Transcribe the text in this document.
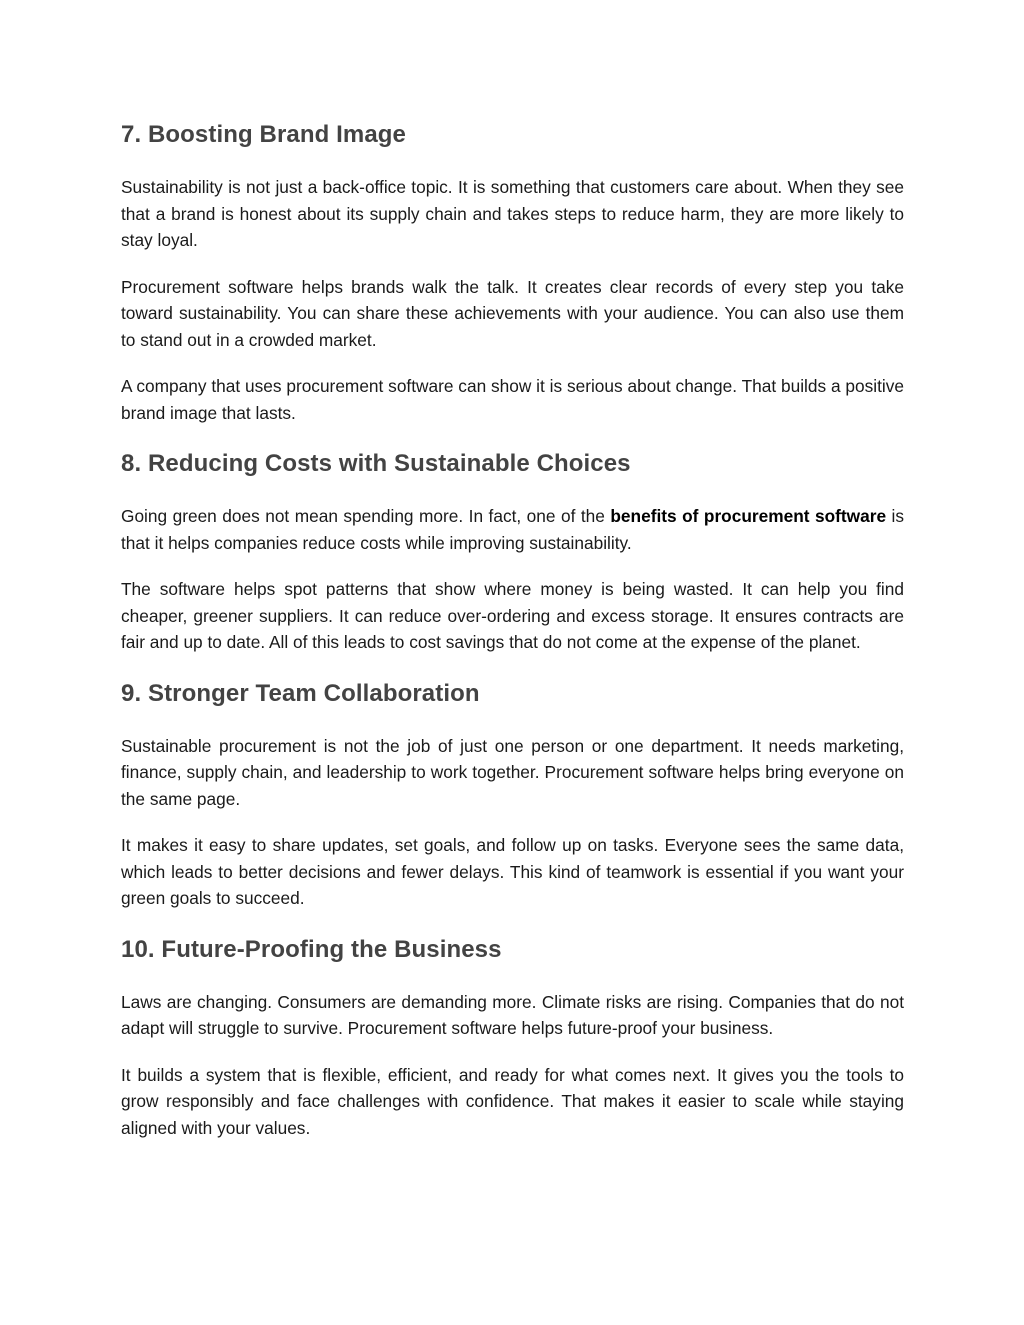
7. Boosting Brand Image

Sustainability is not just a back-office topic. It is something that customers care about. When they see that a brand is honest about its supply chain and takes steps to reduce harm, they are more likely to stay loyal.

Procurement software helps brands walk the talk. It creates clear records of every step you take toward sustainability. You can share these achievements with your audience. You can also use them to stand out in a crowded market.

A company that uses procurement software can show it is serious about change. That builds a positive brand image that lasts.

8. Reducing Costs with Sustainable Choices

Going green does not mean spending more. In fact, one of the benefits of procurement software is that it helps companies reduce costs while improving sustainability.

The software helps spot patterns that show where money is being wasted. It can help you find cheaper, greener suppliers. It can reduce over-ordering and excess storage. It ensures contracts are fair and up to date. All of this leads to cost savings that do not come at the expense of the planet.

9. Stronger Team Collaboration

Sustainable procurement is not the job of just one person or one department. It needs marketing, finance, supply chain, and leadership to work together. Procurement software helps bring everyone on the same page.

It makes it easy to share updates, set goals, and follow up on tasks. Everyone sees the same data, which leads to better decisions and fewer delays. This kind of teamwork is essential if you want your green goals to succeed.

10. Future-Proofing the Business

Laws are changing. Consumers are demanding more. Climate risks are rising. Companies that do not adapt will struggle to survive. Procurement software helps future-proof your business.

It builds a system that is flexible, efficient, and ready for what comes next. It gives you the tools to grow responsibly and face challenges with confidence. That makes it easier to scale while staying aligned with your values.
